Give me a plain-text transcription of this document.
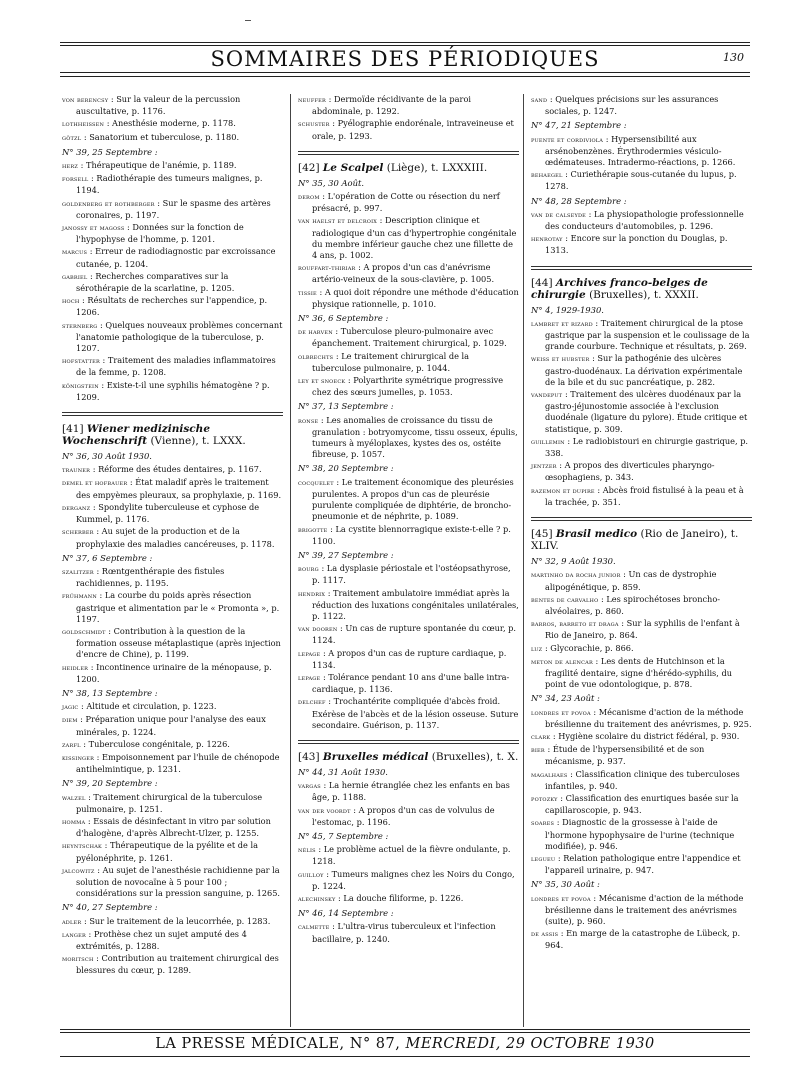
SOMMAIRES DES PÉRIODIQUES	130

von berencsy : Sur la valeur de la percussion auscultative, p. 1176.

lothheissen : Anesthésie moderne, p. 1178.

götzl : Sanatorium et tuberculose, p. 1180.

N° 39, 25 Septembre :

herz : Thérapeutique de l'anémie, p. 1189.

forsell : Radiothérapie des tumeurs malignes, p. 1194.

goldenberg et rothberger : Sur le spasme des artères coronaires, p. 1197.

janossy et magoss : Données sur la fonction de l'hypophyse de l'homme, p. 1201.

marcus : Erreur de radiodiagnostic par excroissance cutanée, p. 1204.

gabriel : Recherches comparatives sur la sérothérapie de la scarlatine, p. 1205.

hoch : Résultats de recherches sur l'appendice, p. 1206.

sternberg : Quelques nouveaux problèmes concernant l'anatomie pathologique de la tuberculose, p. 1207.

hofstatter : Traitement des maladies inflammatoires de la femme, p. 1208.

königstein : Existe-t-il une syphilis hématogène ? p. 1209.

[41] Wiener medizinische Wochenschrift (Vienne), t. LXXX.

N° 36, 30 Août 1930.

trauner : Réforme des études dentaires, p. 1167.

demel et hofbauer : État maladif après le traitement des empyèmes pleuraux, sa prophylaxie, p. 1169.

derganz : Spondylite tuberculeuse et cyphose de Kummel, p. 1176.

scherber : Au sujet de la production et de la prophylaxie des maladies cancéreuses, p. 1178.

N° 37, 6 Septembre :

szalitzer : Rœntgenthérapie des fistules rachidiennes, p. 1195.

frühmann : La courbe du poids après résection gastrique et alimentation par le « Promonta », p. 1197.

goldschmidt : Contribution à la question de la formation osseuse métaplastique (après injection d'encre de Chine), p. 1199.

heidler : Incontinence urinaire de la ménopause, p. 1200.

N° 38, 13 Septembre :

jagic : Altitude et circulation, p. 1223.

diem : Préparation unique pour l'analyse des eaux minérales, p. 1224.

zarfl : Tuberculose congénitale, p. 1226.

kissinger : Empoisonnement par l'huile de chénopode antihelmintique, p. 1231.

N° 39, 20 Septembre :

walzel : Traitement chirurgical de la tuberculose pulmonaire, p. 1251.

homma : Essais de désinfectant in vitro par solution d'halogène, d'après Albrecht-Ulzer, p. 1255.

heyntschak : Thérapeutique de la pyélite et de la pyélonéphrite, p. 1261.

jalcowitz : Au sujet de l'anesthésie rachidienne par la solution de novocaïne à 5 pour 100 ; considérations sur la pression sanguine, p. 1265.

N° 40, 27 Septembre :

adler : Sur le traitement de la leucorrhée, p. 1283.

langer : Prothèse chez un sujet amputé des 4 extrémités, p. 1288.

moritsch : Contribution au traitement chirurgical des blessures du cœur, p. 1289.

neuffer : Dermoïde récidivante de la paroi abdominale, p. 1292.

schuster : Pyélographie endorénale, intraveineuse et orale, p. 1293.

[42] Le Scalpel (Liège), t. LXXXIII.

N° 35, 30 Août.

derom : L'opération de Cotte ou résection du nerf présacré, p. 997.

van haelst et delcroix : Description clinique et radiologique d'un cas d'hypertrophie congénitale du membre inférieur gauche chez une fillette de 4 ans, p. 1002.

rouffart-thiriar : A propos d'un cas d'anévrisme artério-veineux de la sous-clavière, p. 1005.

tissie : A quoi doit répondre une méthode d'éducation physique rationnelle, p. 1010.

N° 36, 6 Septembre :

de harven : Tuberculose pleuro-pulmonaire avec épanchement. Traitement chirurgical, p. 1029.

olbrechts : Le traitement chirurgical de la tuberculose pulmonaire, p. 1044.

ley et snoeck : Polyarthrite symétrique progressive chez des sœurs jumelles, p. 1053.

N° 37, 13 Septembre :

ronse : Les anomalies de croissance du tissu de granulation : botryomycome, tissu osseux, épulis, tumeurs à myéloplaxes, kystes des os, ostéite fibreuse, p. 1057.

N° 38, 20 Septembre :

cocquelet : Le traitement économique des pleurésies purulentes. A propos d'un cas de pleurésie purulente compliquée de diphtérie, de broncho-pneumonie et de néphrite, p. 1089.

brigotte : La cystite blennorragique existe-t-elle ? p. 1100.

N° 39, 27 Septembre :

bourg : La dysplasie périostale et l'ostéopsathyrose, p. 1117.

hendrix : Traitement ambulatoire immédiat après la réduction des luxations congénitales unilatérales, p. 1122.

van dooren : Un cas de rupture spontanée du cœur, p. 1124.

lepage : A propos d'un cas de rupture cardiaque, p. 1134.

lepage : Tolérance pendant 10 ans d'une balle intra-cardiaque, p. 1136.

delchef : Trochantérite compliquée d'abcès froid. Exérèse de l'abcès et de la lésion osseuse. Suture secondaire. Guérison, p. 1137.

[43] Bruxelles médical (Bruxelles), t. X.

N° 44, 31 Août 1930.

vargas : La hernie étranglée chez les enfants en bas âge, p. 1188.

van der voordt : A propos d'un cas de volvulus de l'estomac, p. 1196.

N° 45, 7 Septembre :

nélis : Le problème actuel de la fièvre ondulante, p. 1218.

guilloy : Tumeurs malignes chez les Noirs du Congo, p. 1224.

alechinsky : La douche filiforme, p. 1226.

N° 46, 14 Septembre :

calmette : L'ultra-virus tuberculeux et l'infection bacillaire, p. 1240.

sand : Quelques précisions sur les assurances sociales, p. 1247.

N° 47, 21 Septembre :

puente et cordiviola : Hypersensibilité aux arsénobenzènes. Érythrodermies vésiculo-œdémateuses. Intradermo-réactions, p. 1266.

behaegel : Curiethérapie sous-cutanée du lupus, p. 1278.

N° 48, 28 Septembre :

van de calseyde : La physiopathologie professionnelle des conducteurs d'automobiles, p. 1296.

henrotay : Encore sur la ponction du Douglas, p. 1313.

[44] Archives franco-belges de chirurgie (Bruxelles), t. XXXII.

N° 4, 1929-1930.

lambret et rizard : Traitement chirurgical de la ptose gastrique par la suspension et le coulissage de la grande courbure. Technique et résultats, p. 269.

weiss et hubster : Sur la pathogénie des ulcères gastro-duodénaux. La dérivation expérimentale de la bile et du suc pancréatique, p. 282.

vandeput : Traitement des ulcères duodénaux par la gastro-jéjunostomie associée à l'exclusion duodénale (ligature du pylore). Étude critique et statistique, p. 309.

guillemin : Le radiobistouri en chirurgie gastrique, p. 338.

jentzer : A propos des diverticules pharyngo-œsophagiens, p. 343.

razemon et dupire : Abcès froid fistulisé à la peau et à la trachée, p. 351.

[45] Brasil medico (Rio de Janeiro), t. XLIV.

N° 32, 9 Août 1930.

martinho da rocha junior : Un cas de dystrophie alipogénétique, p. 859.

bentes de carvalho : Les spirochétoses broncho-alvéolaires, p. 860.

barros, barreto et draga : Sur la syphilis de l'enfant à Rio de Janeiro, p. 864.

luz : Glycorachie, p. 866.

meton de alencar : Les dents de Hutchinson et la fragilité dentaire, signe d'hérédo-syphilis, du point de vue odontologique, p. 878.

N° 34, 23 Août :

londres et povoa : Mécanisme d'action de la méthode brésilienne du traitement des anévrismes, p. 925.

clark : Hygiène scolaire du district fédéral, p. 930.

bier : Étude de l'hypersensibilité et de son mécanisme, p. 937.

magalhaes : Classification clinique des tuberculoses infantiles, p. 940.

potozky : Classification des enurtiques basée sur la capillaroscopie, p. 943.

soares : Diagnostic de la grossesse à l'aide de l'hormone hypophysaire de l'urine (technique modifiée), p. 946.

legueu : Relation pathologique entre l'appendice et l'appareil urinaire, p. 947.

N° 35, 30 Août :

londres et povoa : Mécanisme d'action de la méthode brésilienne dans le traitement des anévrismes (suite), p. 960.

de assis : En marge de la catastrophe de Lübeck, p. 964.

LA PRESSE MÉDICALE, N° 87, MERCREDI, 29 OCTOBRE 1930
